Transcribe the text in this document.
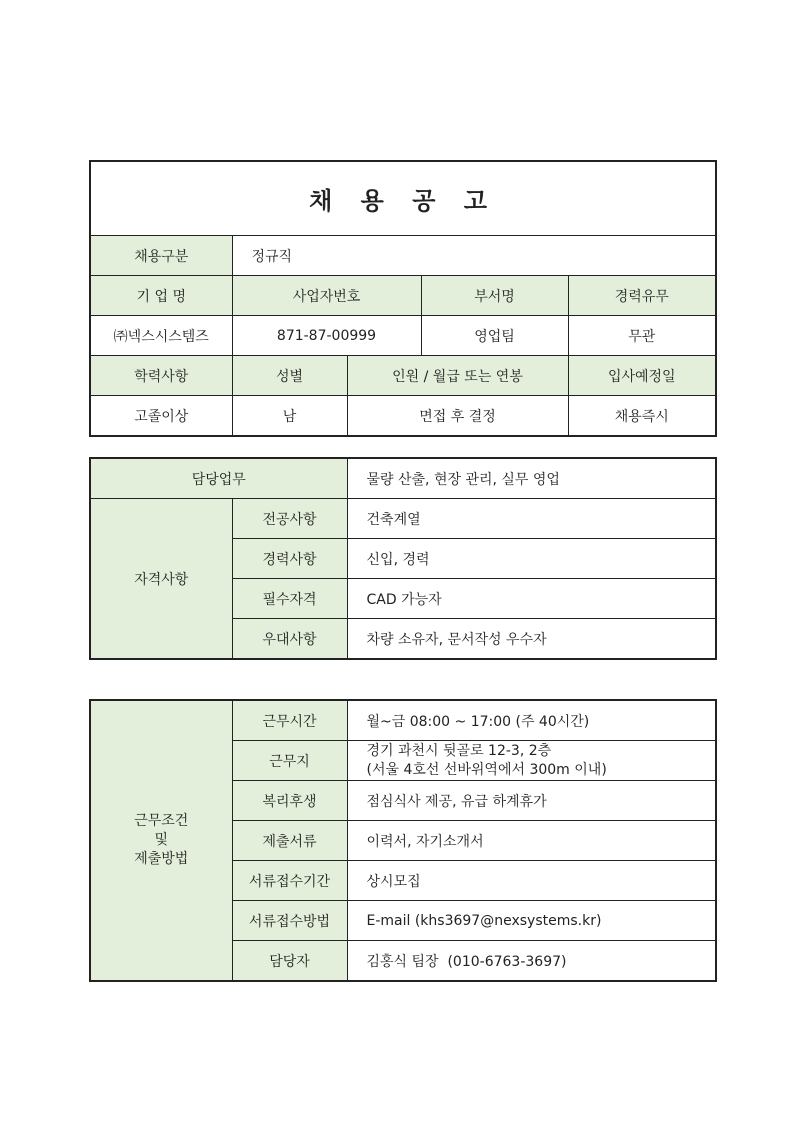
채 용 공 고				
채용구분	정규직			
기 업 명	사업자번호		부서명	경력유무
㈜넥스시스템즈	871-87-00999		영업팀	무관
학력사항	성별	인원 / 월급 또는 연봉		입사예정일
고졸이상	남	면접 후 결정		채용즉시
담당업무		물량 산출, 현장 관리, 실무 영업
자격사항	전공사항	건축계열
	경력사항	신입, 경력
	필수자격	CAD 가능자
	우대사항	차량 소유자, 문서작성 우수자
근무조건
및
제출방법	근무시간	월~금 08:00 ~ 17:00 (주 40시간)
	근무지	경기 과천시 뒷골로 12-3, 2층
(서울 4호선 선바위역에서 300m 이내)

	복리후생	점심식사 제공, 유급 하계휴가
	제출서류	이력서, 자기소개서
	서류접수기간	상시모집
	서류접수방법	E-mail (khs3697@nexsystems.kr)
	담당자	김홍식 팀장  (010-6763-3697)
